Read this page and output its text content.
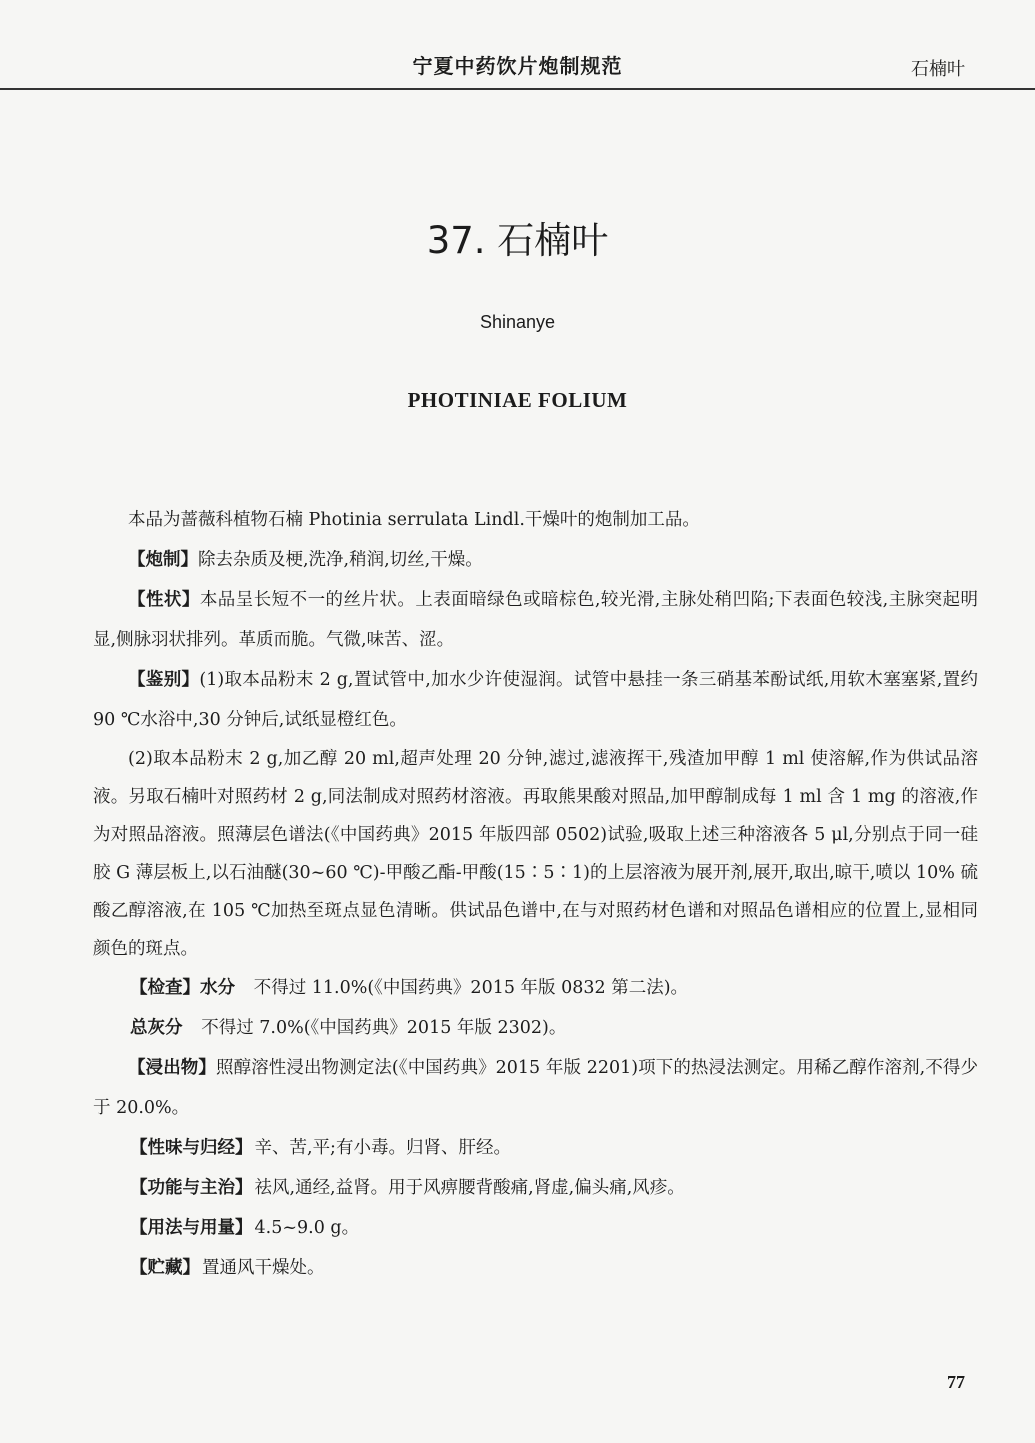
宁夏中药饮片炮制规范	石楠叶
37. 石楠叶
Shinanye
PHOTINIAE FOLIUM

本品为蔷薇科植物石楠 Photinia serrulata Lindl.干燥叶的炮制加工品。

【炮制】除去杂质及梗,洗净,稍润,切丝,干燥。

【性状】本品呈长短不一的丝片状。上表面暗绿色或暗棕色,较光滑,主脉处稍凹陷;下表面色较浅,主脉突起明显,侧脉羽状排列。革质而脆。气微,味苦、涩。

【鉴别】(1)取本品粉末 2 g,置试管中,加水少许使湿润。试管中悬挂一条三硝基苯酚试纸,用软木塞塞紧,置约 90 ℃水浴中,30 分钟后,试纸显橙红色。

(2)取本品粉末 2 g,加乙醇 20 ml,超声处理 20 分钟,滤过,滤液挥干,残渣加甲醇 1 ml 使溶解,作为供试品溶液。另取石楠叶对照药材 2 g,同法制成对照药材溶液。再取熊果酸对照品,加甲醇制成每 1 ml 含 1 mg 的溶液,作为对照品溶液。照薄层色谱法(《中国药典》2015 年版四部 0502)试验,吸取上述三种溶液各 5 μl,分别点于同一硅胶 G 薄层板上,以石油醚(30~60 ℃)-甲酸乙酯-甲酸(15∶5∶1)的上层溶液为展开剂,展开,取出,晾干,喷以 10% 硫酸乙醇溶液,在 105 ℃加热至斑点显色清晰。供试品色谱中,在与对照药材色谱和对照品色谱相应的位置上,显相同颜色的斑点。

【检查】水分 不得过 11.0%(《中国药典》2015 年版 0832 第二法)。

总灰分 不得过 7.0%(《中国药典》2015 年版 2302)。

【浸出物】照醇溶性浸出物测定法(《中国药典》2015 年版 2201)项下的热浸法测定。用稀乙醇作溶剂,不得少于 20.0%。

【性味与归经】 辛、苦,平;有小毒。归肾、肝经。

【功能与主治】 祛风,通经,益肾。用于风痹腰背酸痛,肾虚,偏头痛,风疹。

【用法与用量】 4.5~9.0 g。

【贮藏】 置通风干燥处。

77
